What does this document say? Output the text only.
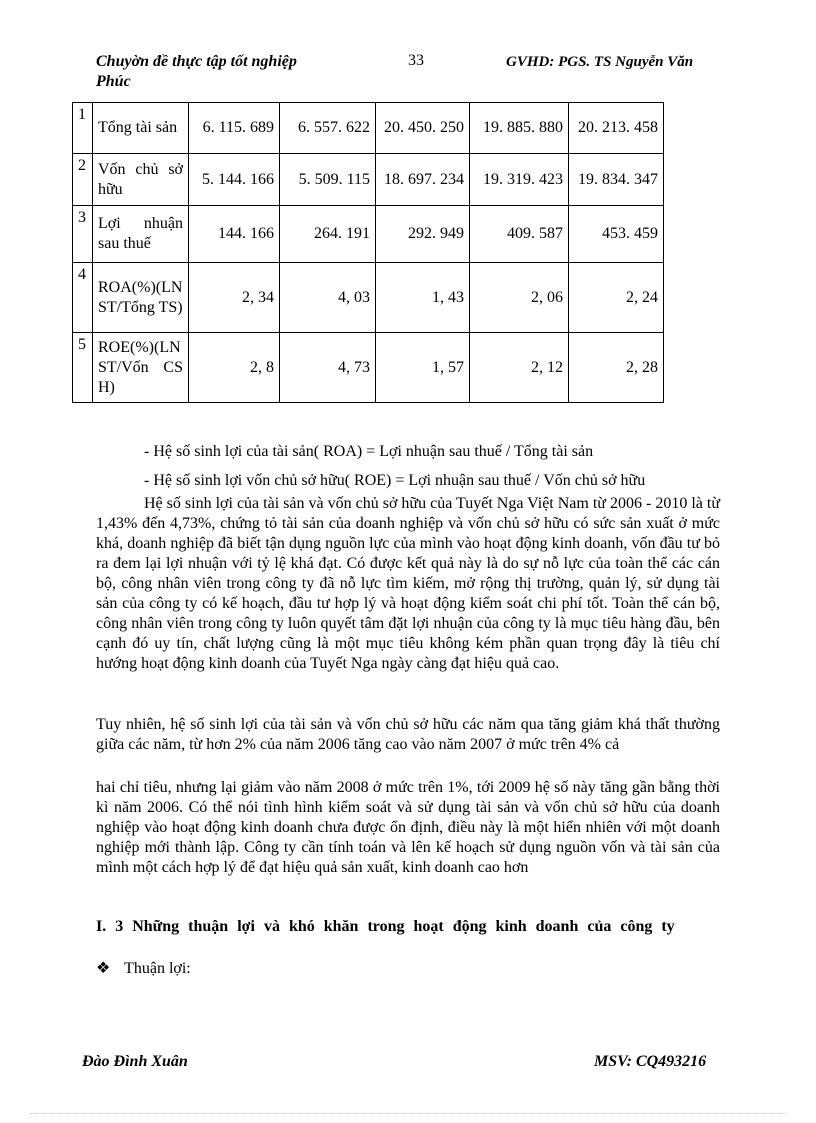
Chuyờn đề thực tập tốt nghiệp
Phúc
33	GVHD: PGS. TS Nguyễn Văn
1	Tổng tài sản	6. 115. 689	6. 557. 622	20. 450. 250	19. 885. 880	20. 213. 458
2	Vốn chủ sở hữu	5. 144. 166	5. 509. 115	18. 697. 234	19. 319. 423	19. 834. 347
3	Lợi nhuận sau thuế	144. 166	264. 191	292. 949	409. 587	453. 459
4	ROA(%)(LNST/Tổng TS)	2, 34	4, 03	1, 43	2, 06	2, 24
5	ROE(%)(LNST/Vốn CSH)	2, 8	4, 73	1, 57	2, 12	2, 28

- Hệ số sinh lợi của tài sản( ROA) = Lợi nhuận sau thuế / Tổng tài sản

- Hệ số sinh lợi vốn chủ sở hữu( ROE) = Lợi nhuận sau thuế / Vốn chủ sở hữu

Hệ số sinh lợi của tài sản và vốn chủ sở hữu của Tuyết Nga Việt Nam từ 2006 - 2010 là từ 1,43% đến 4,73%, chứng tỏ tài sản của doanh nghiệp và vốn chủ sở hữu có sức sản xuất ở mức khá, doanh nghiệp đã biết tận dụng nguồn lực của mình vào hoạt động kinh doanh, vốn đầu tư bỏ ra đem lại lợi nhuận với tỷ lệ khá đạt. Có được kết quả này là do sự nỗ lực của toàn thể các cán bộ, công nhân viên trong công ty đã nỗ lực tìm kiếm, mở rộng thị trường, quản lý, sử dụng tài sản của công ty có kế hoạch, đầu tư hợp lý và hoạt động kiểm soát chi phí tốt. Toàn thể cán bộ, công nhân viên trong công ty luôn quyết tâm đặt lợi nhuận của công ty là mục tiêu hàng đầu, bên cạnh đó uy tín, chất lượng cũng là một mục tiêu không kém phần quan trọng đây là tiêu chí hướng hoạt động kinh doanh của Tuyết Nga ngày càng đạt hiệu quả cao.

Tuy nhiên, hệ số sinh lợi của tài sản và vốn chủ sở hữu các năm qua tăng giảm khá thất thường giữa các năm, từ hơn 2% của năm 2006 tăng cao vào năm 2007 ở mức trên 4% cả

hai chỉ tiêu, nhưng lại giảm vào năm 2008 ở mức trên 1%, tới 2009 hệ số này tăng gần bằng thời kì năm 2006. Có thể nói tình hình kiểm soát và sử dụng tài sản và vốn chủ sở hữu của doanh nghiệp vào hoạt động kinh doanh chưa được ổn định, điều này là một hiển nhiên với một doanh nghiệp mới thành lập. Công ty cần tính toán và lên kế hoạch sử dụng nguồn vốn và tài sản của mình một cách hợp lý để đạt hiệu quả sản xuất, kinh doanh cao hơn

I. 3 Những thuận lợi và khó khăn trong hoạt động kinh doanh của công ty
❖ Thuận lợi:
Đào Đình Xuân	MSV: CQ493216
